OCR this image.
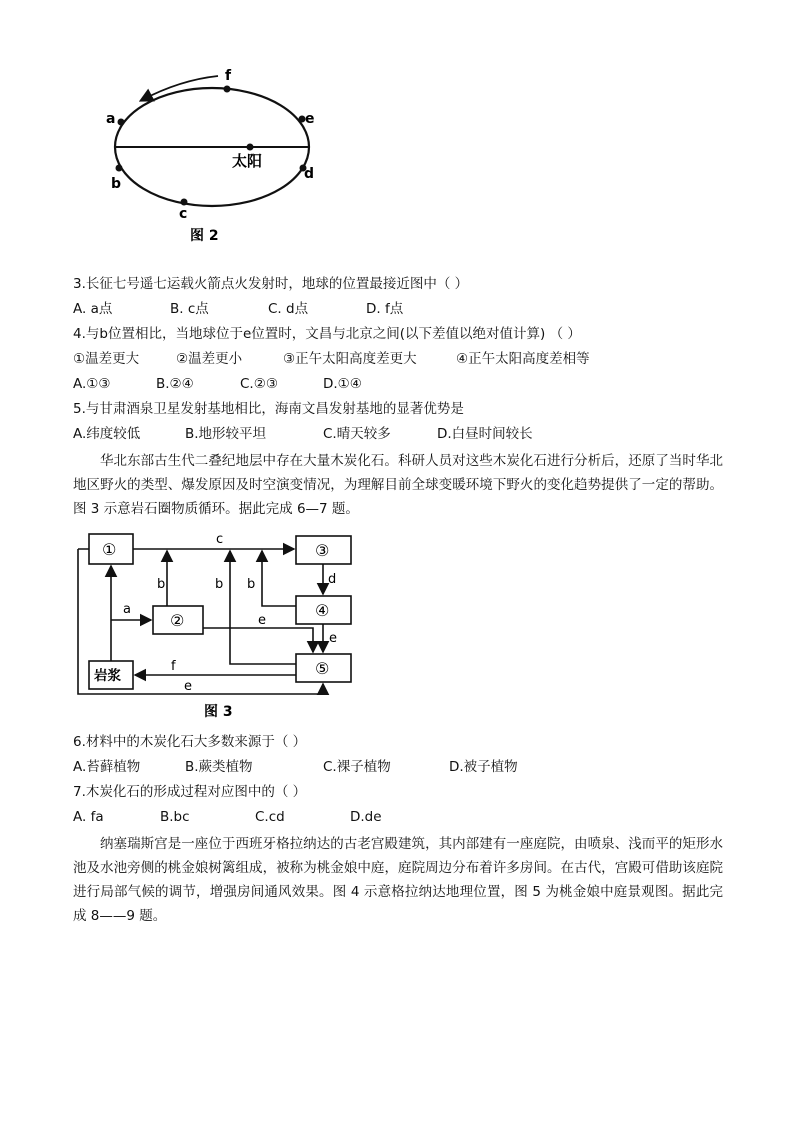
f
a	e
b
d
c
太阳
图 2
3.长征七号遥七运载火箭点火发射时，地球的位置最接近图中（ ）
A. a点	B. c点	C. d点	D. f点
4.与b位置相比，当地球位于e位置时，文昌与北京之间(以下差值以绝对值计算) （ ）
①温差更大	②温差更小	③正午太阳高度差更大	④正午太阳高度差相等
A.①③	B.②④	C.②③	D.①④
5.与甘肃酒泉卫星发射基地相比，海南文昌发射基地的显著优势是
A.纬度较低	B.地形较平坦	C.晴天较多	D.白昼时间较长
华北东部古生代二叠纪地层中存在大量木炭化石。科研人员对这些木炭化石进行分析后，还原了当时华北地区野火的类型、爆发原因及时空演变情况，为理解目前全球变暖环境下野火的变化趋势提供了一定的帮助。图 3 示意岩石圈物质循环。据此完成 6—7 题。
①
②
③
④
⑤
岩浆
c
a
b	b b	d
e
e
f
e
图 3
6.材料中的木炭化石大多数来源于（ ）
A.苔藓植物	B.蕨类植物	C.裸子植物	D.被子植物
7.木炭化石的形成过程对应图中的（ ）
A. fa	B.bc	C.cd	D.de
纳塞瑞斯宫是一座位于西班牙格拉纳达的古老宫殿建筑，其内部建有一座庭院，由喷泉、浅而平的矩形水池及水池旁侧的桃金娘树篱组成，被称为桃金娘中庭，庭院周边分布着许多房间。在古代，宫殿可借助该庭院进行局部气候的调节，增强房间通风效果。图 4 示意格拉纳达地理位置，图 5 为桃金娘中庭景观图。据此完成 8——9 题。
